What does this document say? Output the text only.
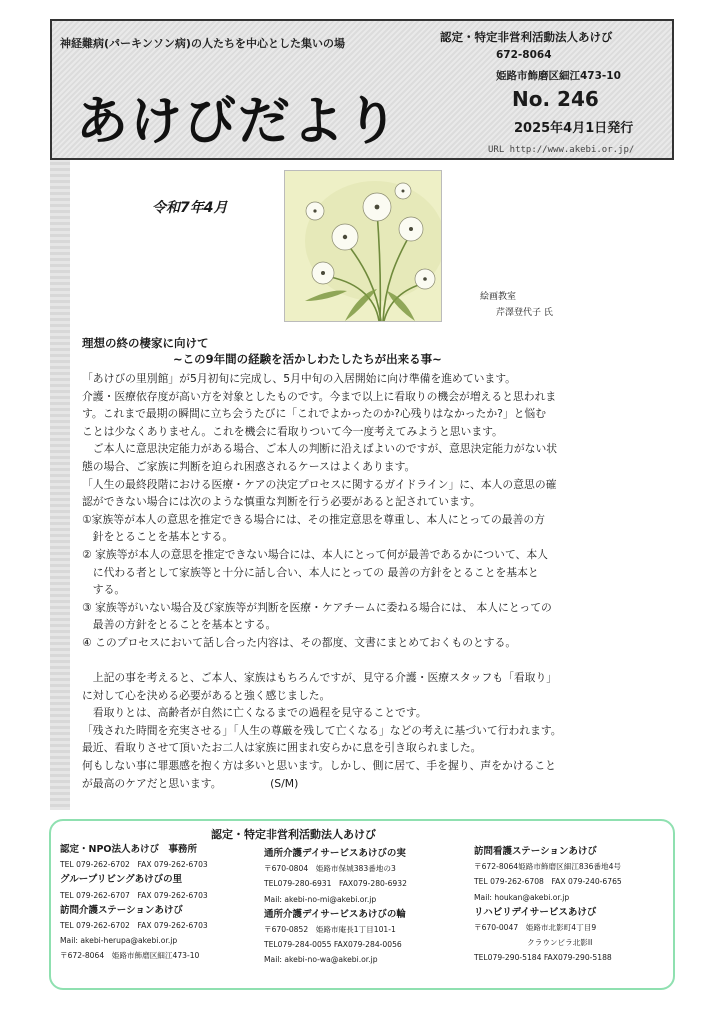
神経難病(パーキンソン病)の人たちを中心とした集いの場	認定・特定非営利活動法人あけび
672-8064
姫路市飾磨区細江473-10
あけびだより	No. 246
2025年4月1日発行
URL http://www.akebi.or.jp/
令和7年4月
絵画教室
芹澤登代子 氏
理想の終の棲家に向けて
~この9年間の経験を活かしわたしたちが出来る事~
「あけびの里別館」が5月初旬に完成し、5月中旬の入居開始に向け準備を進めています。
介護・医療依存度が高い方を対象としたものです。今まで以上に看取りの機会が増えると思われま
す。これまで最期の瞬間に立ち会うたびに「これでよかったのか?心残りはなかったか?」と悩む
ことは少なくありません。これを機会に看取りついて今一度考えてみようと思います。
　ご本人に意思決定能力がある場合、ご本人の判断に沿えばよいのですが、意思決定能力がない状
態の場合、ご家族に判断を迫られ困惑されるケースはよくあります。
「人生の最終段階における医療・ケアの決定プロセスに関するガイドライン」に、本人の意思の確
認ができない場合には次のような慎重な判断を行う必要があると記されています。
①家族等が本人の意思を推定できる場合には、その推定意思を尊重し、本人にとっての最善の方
　針をとることを基本とする。
② 家族等が本人の意思を推定できない場合には、本人にとって何が最善であるかについて、本人
　に代わる者として家族等と十分に話し合い、本人にとっての 最善の方針をとることを基本と
　する。
③ 家族等がいない場合及び家族等が判断を医療・ケアチームに委ねる場合には、 本人にとっての
　最善の方針をとることを基本とする。
④ このプロセスにおいて話し合った内容は、その都度、文書にまとめておくものとする。
　上記の事を考えると、ご本人、家族はもちろんですが、見守る介護・医療スタッフも「看取り」
に対して心を決める必要があると強く感じました。
　看取りとは、高齢者が自然に亡くなるまでの過程を見守ることです。
「残された時間を充実させる」「人生の尊厳を残して亡くなる」などの考えに基づいて行われます。
最近、看取りさせて頂いたお二人は家族に囲まれ安らかに息を引き取られました。
何もしない事に罪悪感を抱く方は多いと思います。しかし、側に居て、手を握り、声をかけること
が最高のケアだと思います。　　　　　(S/M)
認定・特定非営利活動法人あけび
認定・NPO法人あけび　事務所
TEL 079-262-6702　FAX 079-262-6703
グループリビングあけびの里
TEL 079-262-6707　FAX 079-262-6703
訪問介護ステーションあけび
TEL 079-262-6702　FAX 079-262-6703
Mail: akebi-herupa@akebi.or.jp
〒672-8064　姫路市飾磨区細江473-10
通所介護デイサービスあけびの実
〒670-0804　姫路市保城383番地の3
TEL079-280-6931　FAX079-280-6932
Mail: akebi-no-mi@akebi.or.jp
通所介護デイサービスあけびの輪
〒670-0852　姫路市庵長1丁目101-1
TEL079-284-0055 FAX079-284-0056
Mail: akebi-no-wa@akebi.or.jp
訪問看護ステーションあけび
〒672-8064姫路市飾磨区細江836番地4号
TEL 079-262-6708　FAX 079-240-6765
Mail: houkan@akebi.or.jp
リハビリデイサービスあけび
〒670-0047　姫路市北影町4丁目9
　　　　　　　クラウンビラ北影II
TEL079-290-5184 FAX079-290-5188
